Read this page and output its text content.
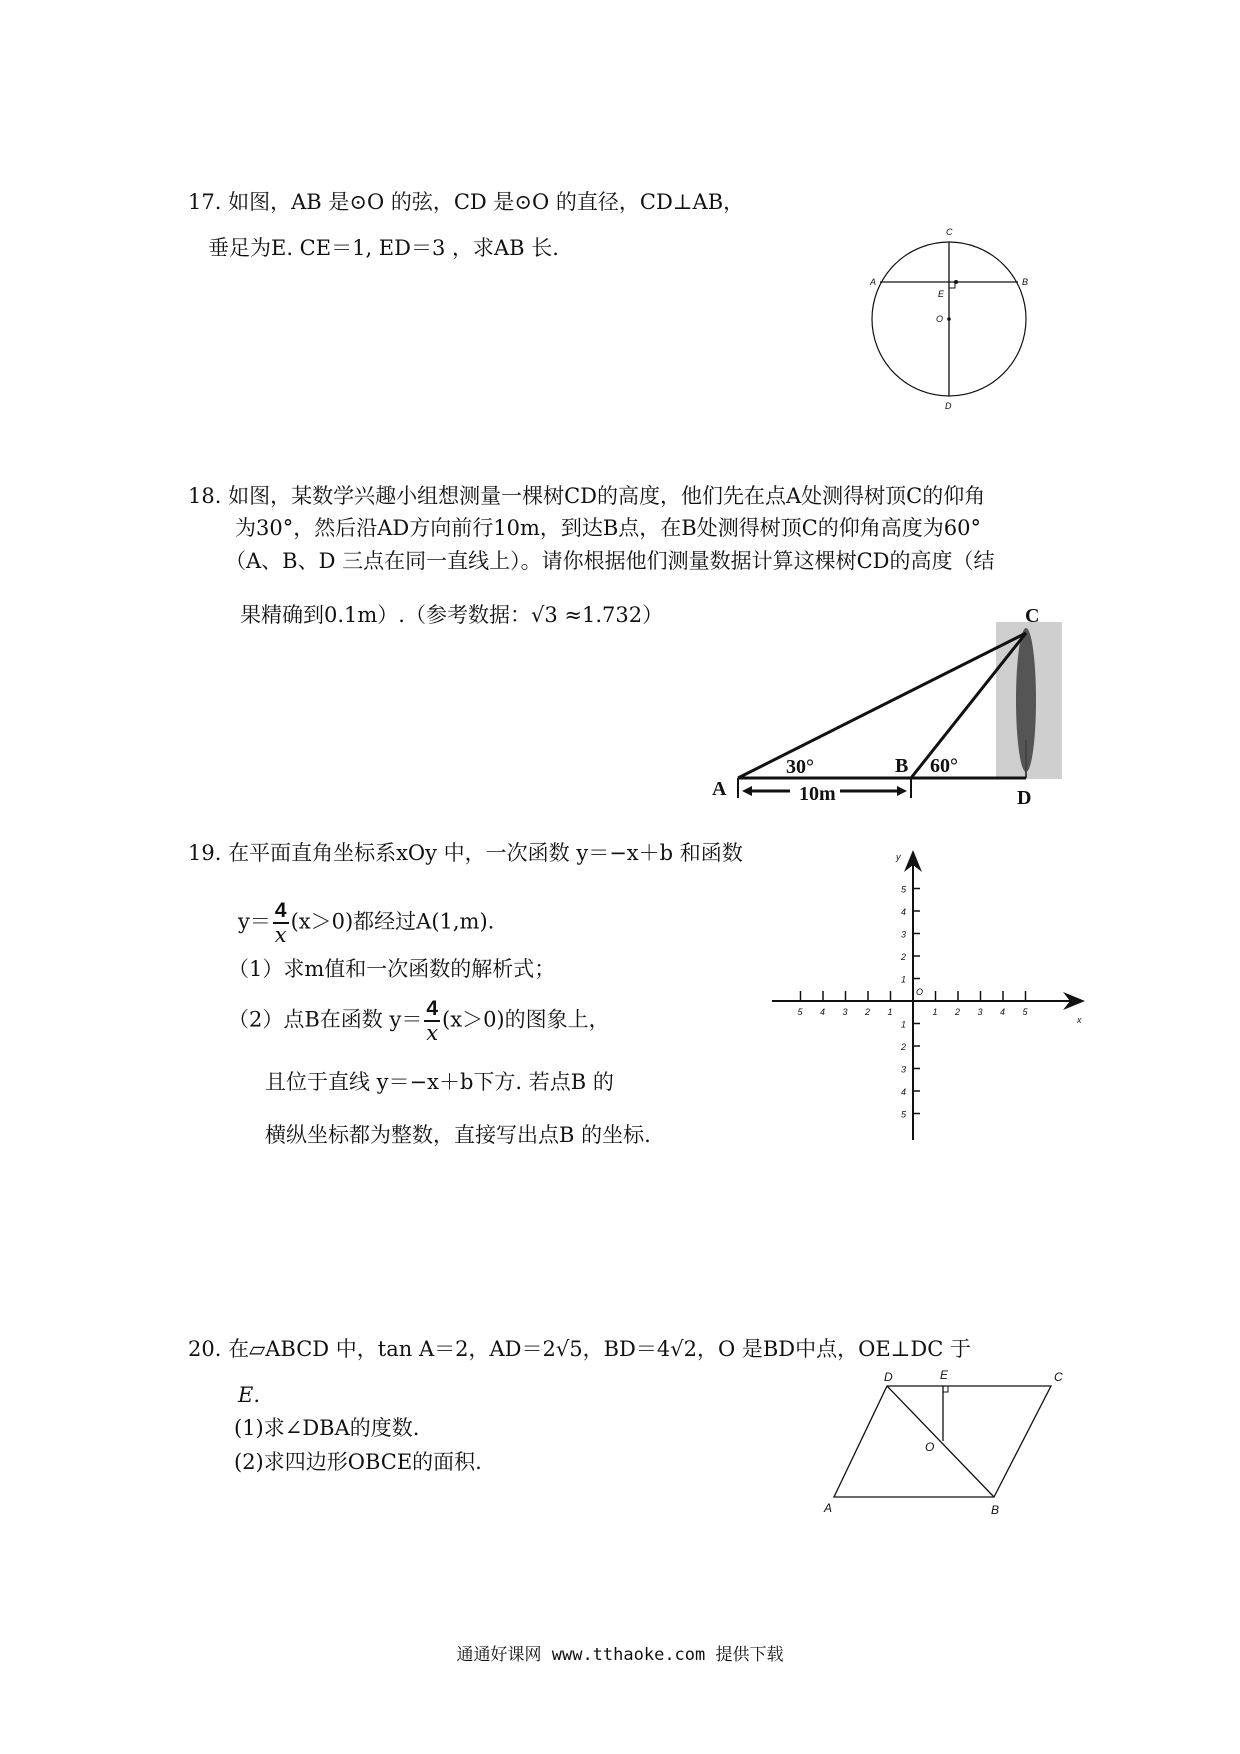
17. 如图，AB 是⊙O 的弦，CD 是⊙O 的直径，CD⊥AB，
垂足为E. CE＝1, ED＝3 ，求AB 长.
C
A	B
E
O
D
18. 如图，某数学兴趣小组想测量一棵树CD的高度，他们先在点A处测得树顶C的仰角
为30°，然后沿AD方向前行10m，到达B点，在B处测得树顶C的仰角高度为60°
（A、B、D 三点在同一直线上）。请你根据他们测量数据计算这棵树CD的高度（结
果精确到0.1m）.（参考数据：√3 ≈1.732）	C
A
B
D
30°	60°
10m
19. 在平面直角坐标系xOy 中，一次函数 y＝−x＋b 和函数
$y= \frac{4}{x} (x>0)$都经过A(1,m).
（1）求m值和一次函数的解析式；
（2）点B在函数 $y= \frac{4}{x} (x>0)$的图象上，
且位于直线 y＝−x＋b下方. 若点B 的
横纵坐标都为整数，直接写出点B 的坐标.
x
y
O
1
1
1
1
2
2
2
2
3
3
3
3
4
4
4
4
5
5
5
5
20. 在▱ABCD 中，tan A＝2，AD＝2√5，BD＝4√2，O 是BD中点，OE⊥DC 于
E.
(1)求∠DBA的度数.
(2)求四边形OBCE的面积.
D	E	C
O
A	B
通通好课网 www.tthaoke.com 提供下载
